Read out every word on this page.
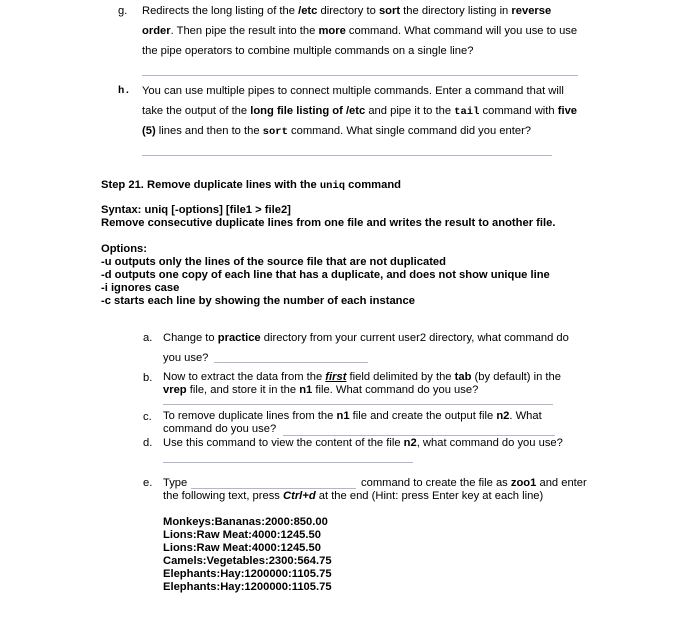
g. Redirects the long listing of the /etc directory to sort the directory listing in reverse
order. Then pipe the result into the more command. What command will you use to use
the pipe operators to combine multiple commands on a single line?
h. You can use multiple pipes to connect multiple commands. Enter a command that will
take the output of the long file listing of /etc and pipe it to the tail command with five
(5) lines and then to the sort command. What single command did you enter?
Step 21. Remove duplicate lines with the uniq command
Syntax: uniq [-options] [file1 > file2]
Remove consecutive duplicate lines from one file and writes the result to another file.
Options:
-u outputs only the lines of the source file that are not duplicated
-d outputs one copy of each line that has a duplicate, and does not show unique line
-i ignores case
-c starts each line by showing the number of each instance
a. Change to practice directory from your current user2 directory, what command do
you use?
b. Now to extract the data from the first field delimited by the tab (by default) in the
vrep file, and store it in the n1 file. What command do you use?
c. To remove duplicate lines from the n1 file and create the output file n2. What
command do you use?
d. Use this command to view the content of the file n2, what command do you use?
e. Type	command to create the file as zoo1 and enter
the following text, press Ctrl+d at the end (Hint: press Enter key at each line)
Monkeys:Bananas:2000:850.00
Lions:Raw Meat:4000:1245.50
Lions:Raw Meat:4000:1245.50
Camels:Vegetables:2300:564.75
Elephants:Hay:1200000:1105.75
Elephants:Hay:1200000:1105.75
